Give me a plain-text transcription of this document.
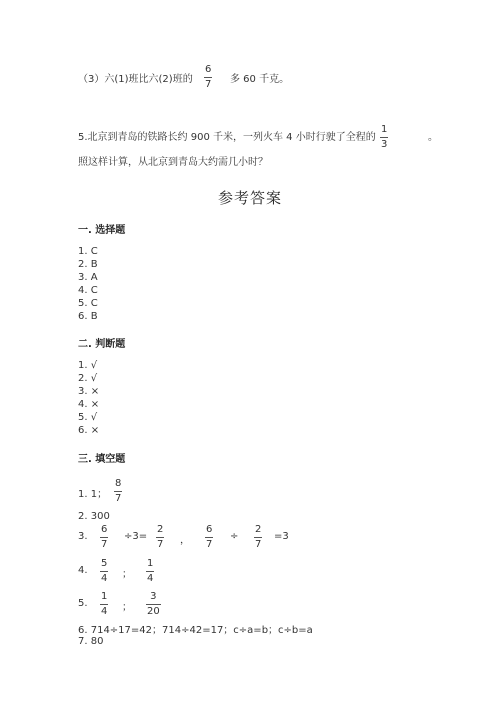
（3）六(1)班比六(2)班的
6
7 多 60 千克。
5.北京到青岛的铁路长约 900 千米，一列火车 4 小时行驶了全程的
1
3
。
照这样计算，从北京到青岛大约需几小时？
参考答案
一. 选择题
1. C
2. B
3. A
4. C
5. C
6. B
二. 判断题
1. √
2. √
3. ×
4. ×
5. √
6. ×
三. 填空题
1. 1；
8
7
2. 300
3.
6
7
÷3=
2
7 ，
6
7
÷
2
7
=3
4.
5
4 ；
1
4
5.
1
4 ；
3
20
6. 714÷17=42；714÷42=17；c÷a=b；c÷b=a
7. 80
